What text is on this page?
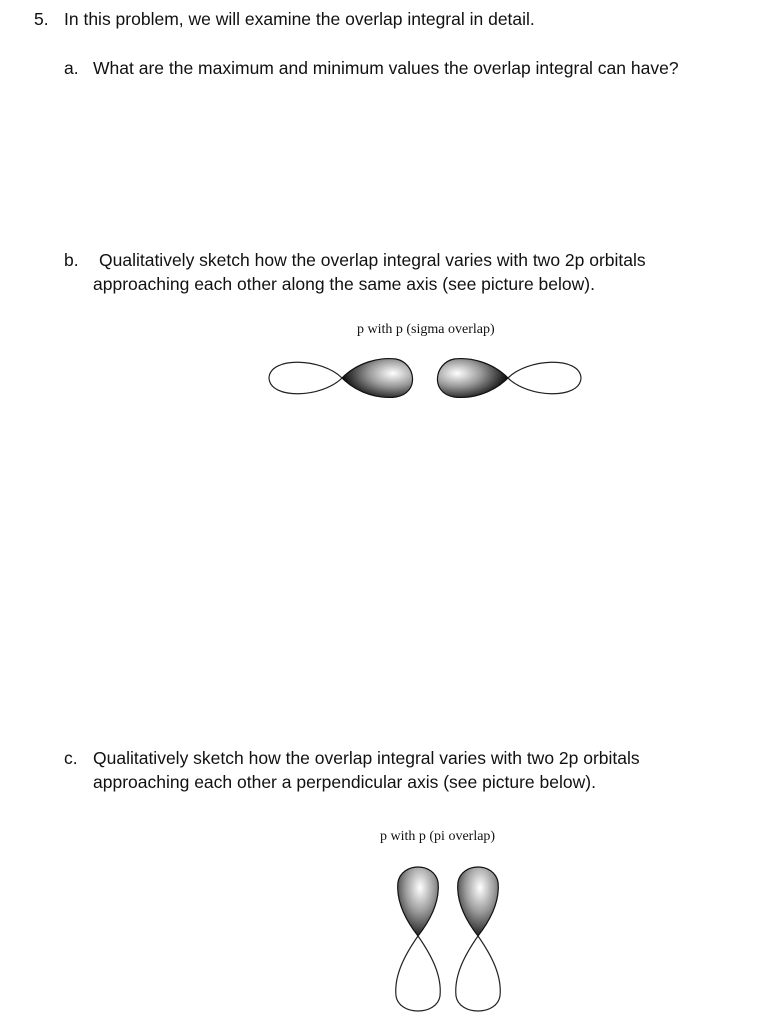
5. In this problem, we will examine the overlap integral in detail.
a. What are the maximum and minimum values the overlap integral can have?
b. Qualitatively sketch how the overlap integral varies with two 2p orbitals
approaching each other along the same axis (see picture below).
p with p (sigma overlap)
c. Qualitatively sketch how the overlap integral varies with two 2p orbitals
approaching each other a perpendicular axis (see picture below).
p with p (pi overlap)
